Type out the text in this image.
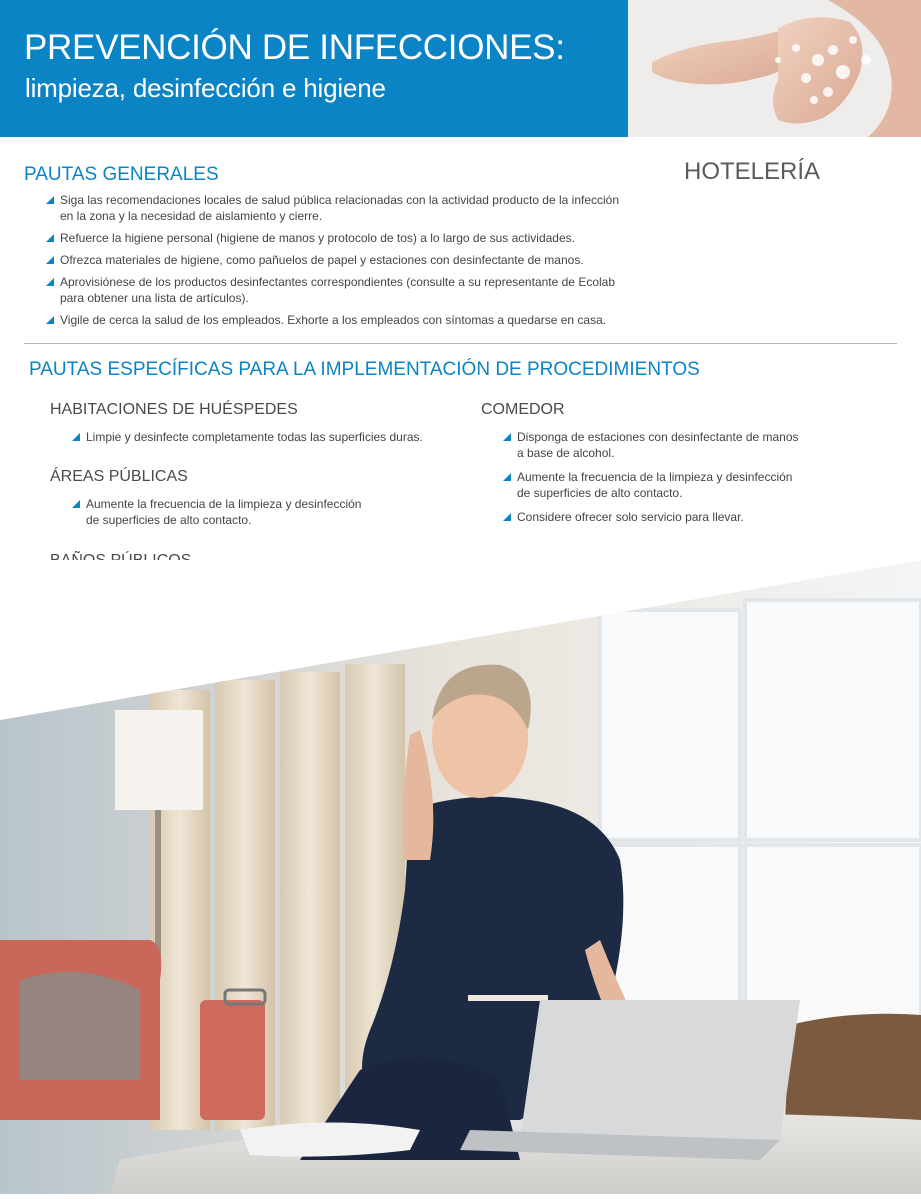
PREVENCIÓN DE INFECCIONES:
limpieza, desinfección e higiene
HOTELERÍA
PAUTAS GENERALES
Siga las recomendaciones locales de salud pública relacionadas con la actividad producto de la infección
en la zona y la necesidad de aislamiento y cierre.
Refuerce la higiene personal (higiene de manos y protocolo de tos) a lo largo de sus actividades.
Ofrezca materiales de higiene, como pañuelos de papel y estaciones con desinfectante de manos.
Aprovisiónese de los productos desinfectantes correspondientes (consulte a su representante de Ecolab
para obtener una lista de artículos).
Vigile de cerca la salud de los empleados. Exhorte a los empleados con síntomas a quedarse en casa.
PAUTAS ESPECÍFICAS PARA LA IMPLEMENTACIÓN DE PROCEDIMIENTOS
HABITACIONES DE HUÉSPEDES
Limpie y desinfecte completamente todas las superficies duras.
ÁREAS PÚBLICAS
Aumente la frecuencia de la limpieza y desinfección
de superficies de alto contacto.

COMEDOR
Disponga de estaciones con desinfectante de manos
a base de alcohol.
Aumente la frecuencia de la limpieza y desinfección
de superficies de alto contacto.
Considere ofrecer solo servicio para llevar.
